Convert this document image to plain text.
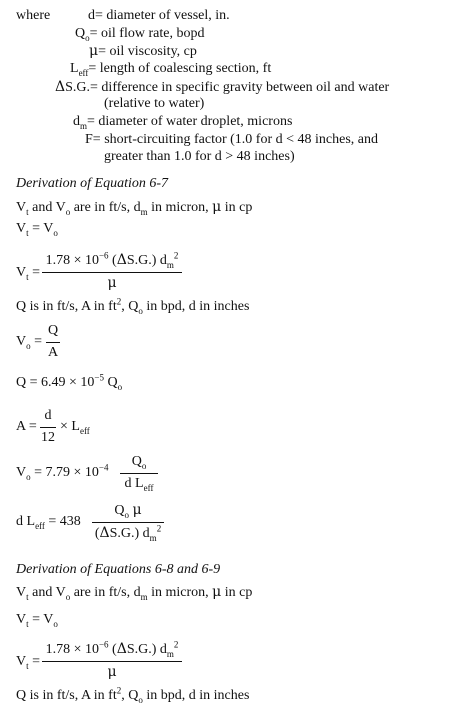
where	d= diameter of vessel, in.
$Q_o=$ oil flow rate, bopd
μ= oil viscosity, cp
$L_{eff}=$ length of coalescing section, ft
ΔS.G.= difference in specific gravity between oil and water
(relative to water)
$d_m=$ diameter of water droplet, microns
F= short-circuiting factor (1.0 for d < 48 inches, and
greater than 1.0 for d > 48 inches)
Derivation of Equation 6-7
$V_t$ and $V_o$ are in ft/s, $d_m$ in micron, μ in cp
$V_t = V_o$
$V_t$ =
$1.78 \times 10^{-6}$ (ΔS.G.) $d_m^2$
μ
Q is in ft/s, A in $ft^2$, $Q_o$ in bpd, d in inches
$V_o$ =
Q
A
$Q = 6.49 \times 10^{-5}$ $Q_o$
A =
d
12
× $L_{eff}$
$V_o = 7.79 \times 10^{-4}$	$Q_o$
d $L_{eff}$
d $L_{eff} = 438$
$Q_o$ μ
(ΔS.G.) $d_m^2$
Derivation of Equations 6-8 and 6-9
$V_t$ and $V_o$ are in ft/s, $d_m$ in micron, μ in cp
$V_t = V_o$
$V_t$ =
$1.78 \times 10^{-6}$ (ΔS.G.) $d_m^2$
μ
Q is in ft/s, A in $ft^2$, $Q_o$ in bpd, d in inches
